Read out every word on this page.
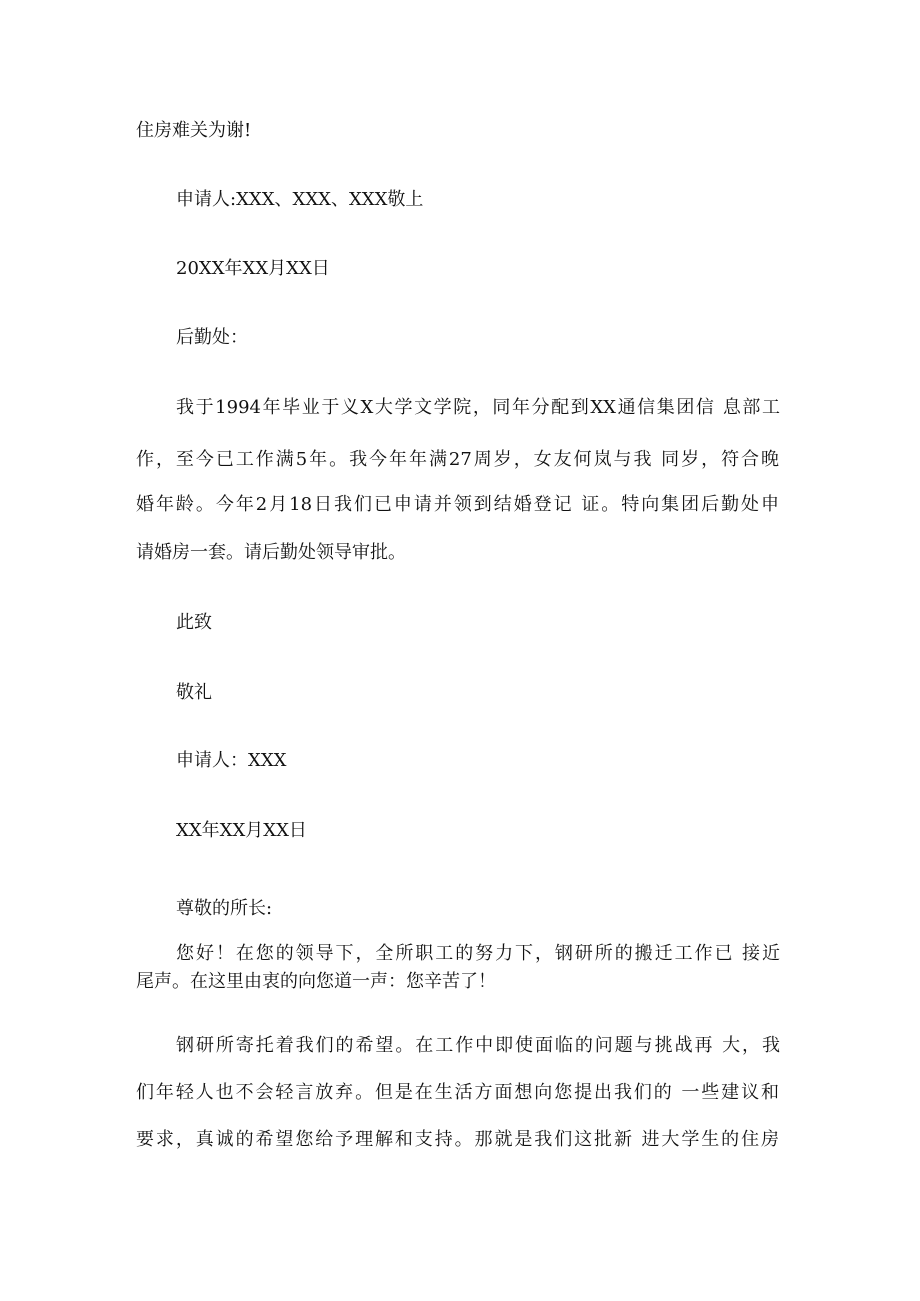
住房难关为谢!
申请人:XXX、XXX、XXX敬上
20XX年XX月XX日
后勤处：
我于1994年毕业于义X大学文学院，同年分配到XX通信集团信 息部工
作，至今已工作满5年。我今年年满27周岁，女友何岚与我 同岁，符合晚
婚年龄。今年2月18日我们已申请并领到结婚登记 证。特向集团后勤处申
请婚房一套。请后勤处领导审批。
此致
敬礼
申请人：XXX
XX年XX月XX日
尊敬的所长:
您好！在您的领导下，全所职工的努力下，钢研所的搬迁工作已 接近
尾声。在这里由衷的向您道一声：您辛苦了！
钢研所寄托着我们的希望。在工作中即使面临的问题与挑战再 大，我
们年轻人也不会轻言放弃。但是在生活方面想向您提出我们的 一些建议和
要求，真诚的希望您给予理解和支持。那就是我们这批新 进大学生的住房
